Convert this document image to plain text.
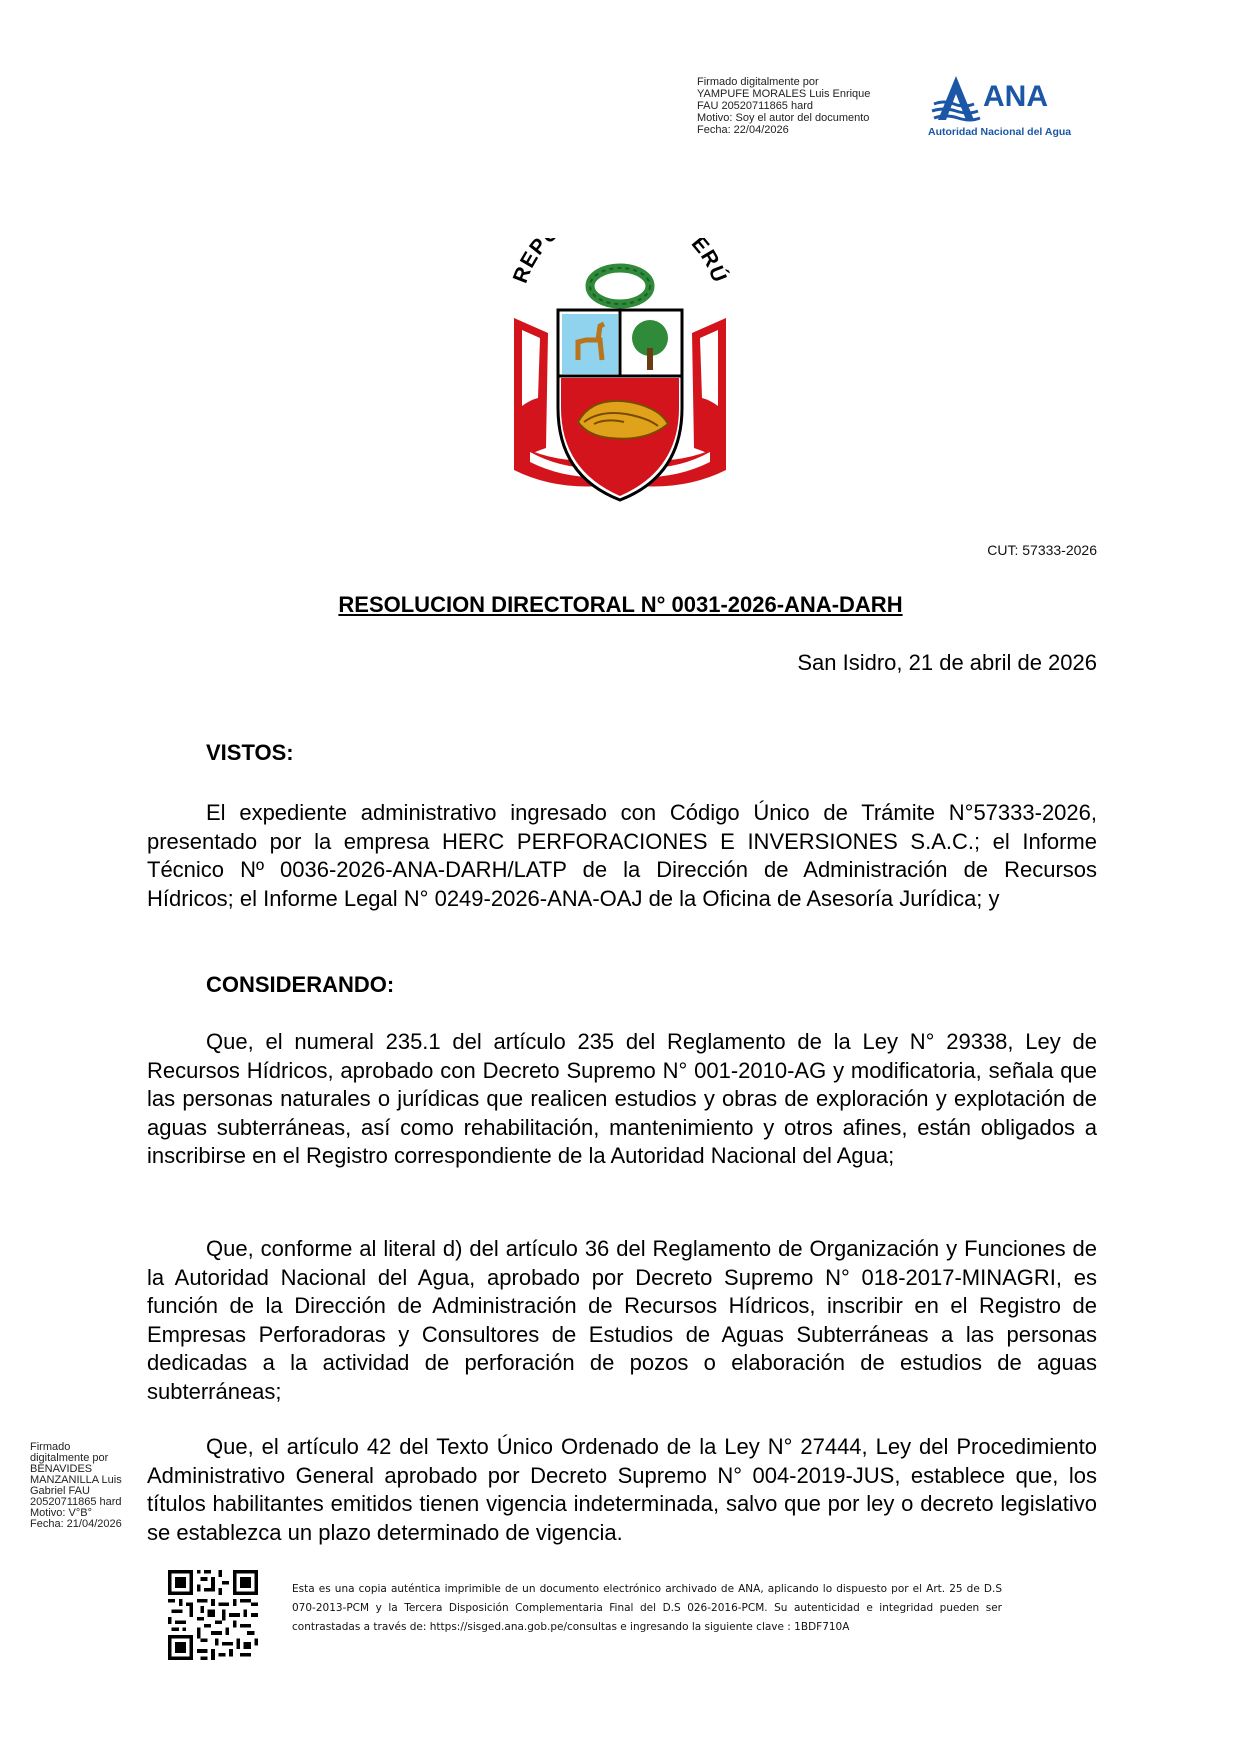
Firmado digitalmente por
YAMPUFE MORALES Luis Enrique
FAU 20520711865 hard
Motivo: Soy el autor del documento
Fecha: 22/04/2026
ANA
Autoridad Nacional del Agua
REP ERÚ
CUT: 57333-2026
RESOLUCION DIRECTORAL N° 0031-2026-ANA-DARH
San Isidro, 21 de abril de 2026
VISTOS:
El expediente administrativo ingresado con Código Único de Trámite N°57333-2026, presentado por la empresa HERC PERFORACIONES E INVERSIONES S.A.C.; el Informe Técnico Nº 0036-2026-ANA-DARH/LATP de la Dirección de Administración de Recursos Hídricos; el Informe Legal N° 0249-2026-ANA-OAJ de la Oficina de Asesoría Jurídica; y
CONSIDERANDO:
Que, el numeral 235.1 del artículo 235 del Reglamento de la Ley N° 29338, Ley de Recursos Hídricos, aprobado con Decreto Supremo N° 001-2010-AG y modificatoria, señala que las personas naturales o jurídicas que realicen estudios y obras de exploración y explotación de aguas subterráneas, así como rehabilitación, mantenimiento y otros afines, están obligados a inscribirse en el Registro correspondiente de la Autoridad Nacional del Agua;
Que, conforme al literal d) del artículo 36 del Reglamento de Organización y Funciones de la Autoridad Nacional del Agua, aprobado por Decreto Supremo N° 018-2017-MINAGRI, es función de la Dirección de Administración de Recursos Hídricos, inscribir en el Registro de Empresas Perforadoras y Consultores de Estudios de Aguas Subterráneas a las personas dedicadas a la actividad de perforación de pozos o elaboración de estudios de aguas subterráneas;
Que, el artículo 42 del Texto Único Ordenado de la Ley N° 27444, Ley del Procedimiento Administrativo General aprobado por Decreto Supremo N° 004-2019-JUS, establece que, los títulos habilitantes emitidos tienen vigencia indeterminada, salvo que por ley o decreto legislativo se establezca un plazo determinado de vigencia.
Firmado
digitalmente por
BENAVIDES
MANZANILLA Luis
Gabriel FAU
20520711865 hard
Motivo: V°B°
Fecha: 21/04/2026
Esta es una copia auténtica imprimible de un documento electrónico archivado de ANA, aplicando lo dispuesto por el Art. 25 de D.S 070-2013-PCM y la Tercera Disposición Complementaria Final del D.S 026-2016-PCM. Su autenticidad e integridad pueden ser contrastadas a través de: https://sisged.ana.gob.pe/consultas e ingresando la siguiente clave : 1BDF710A
